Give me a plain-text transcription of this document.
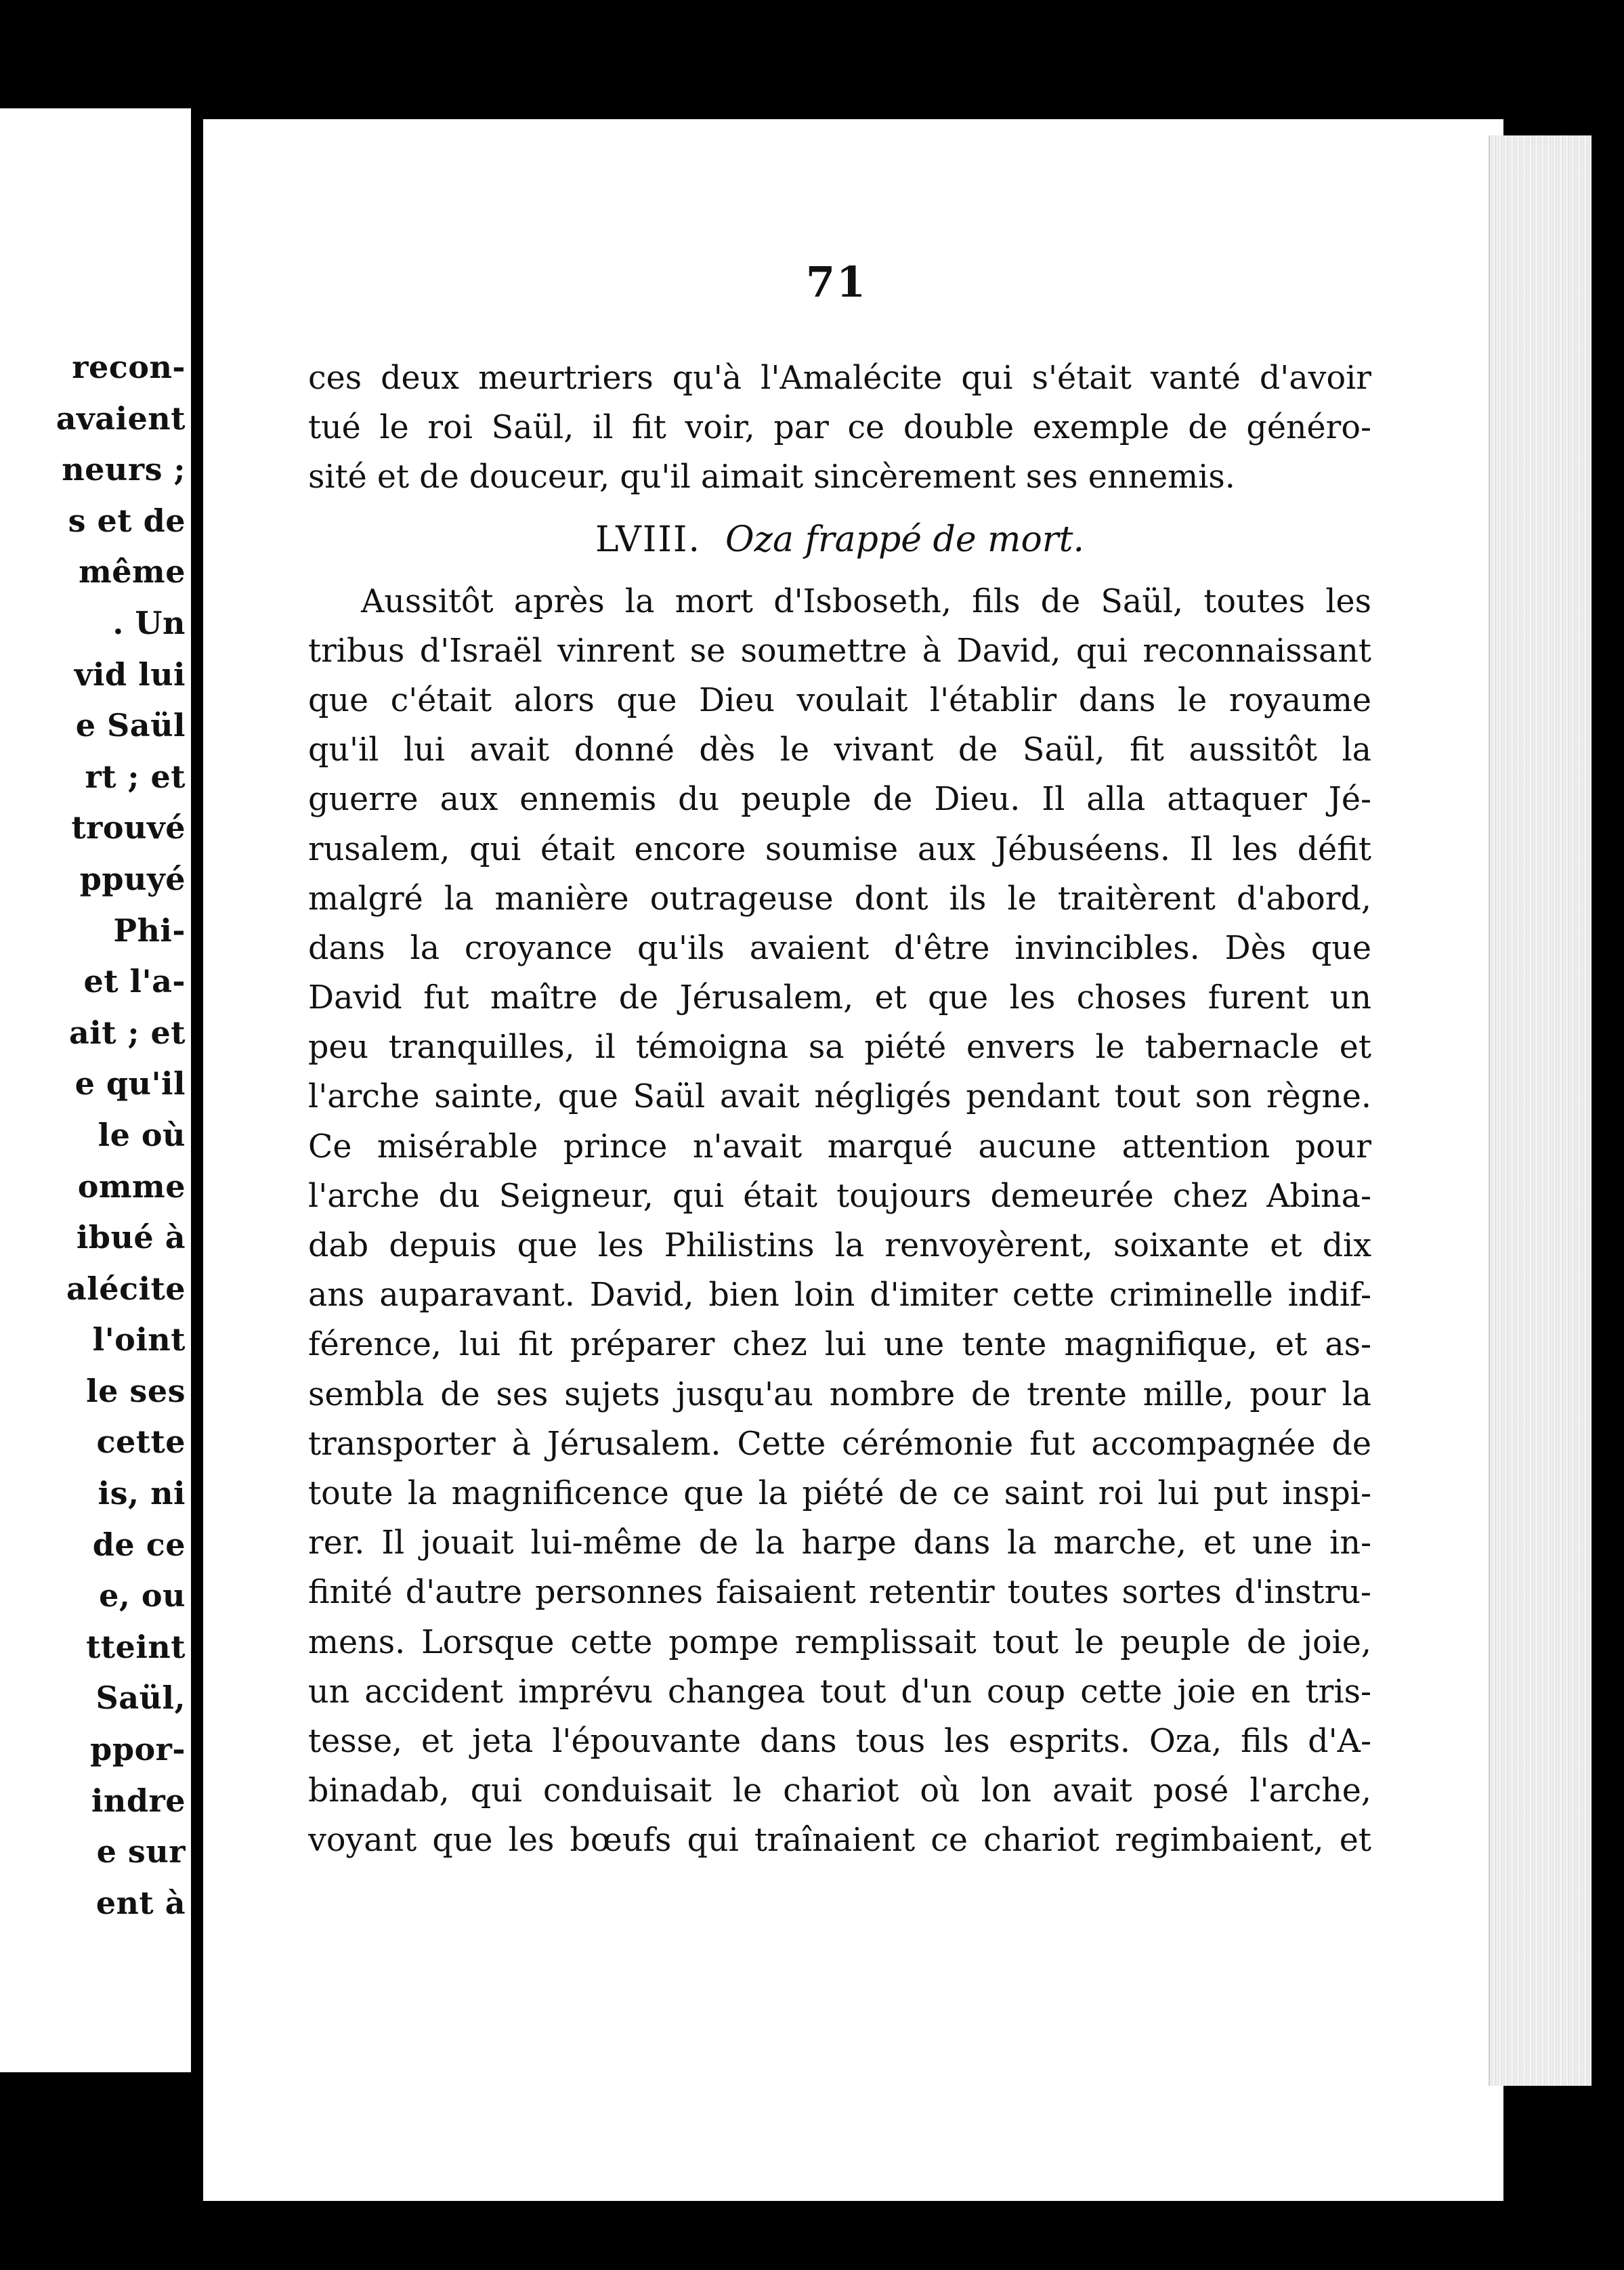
recon-
avaient
neurs ;
s et de
même
. Un
vid lui
e Saül
rt ; et
trouvé
ppuyé
Phi-
et l'a-
ait ; et
e qu'il
le où
omme
ibué à
alécite
l'oint
le ses
cette
is, ni
de ce
e, ou
tteint
Saül,
ppor-
indre
e sur
ent à
71
ces deux meurtriers qu'à l'Amalécite qui s'était vanté d'avoir
tué le roi Saül, il fit voir, par ce double exemple de généro-
sité et de douceur, qu'il aimait sincèrement ses ennemis.
LVIII. Oza frappé de mort.
Aussitôt après la mort d'Isboseth, fils de Saül, toutes les
tribus d'Israël vinrent se soumettre à David, qui reconnaissant
que c'était alors que Dieu voulait l'établir dans le royaume
qu'il lui avait donné dès le vivant de Saül, fit aussitôt la
guerre aux ennemis du peuple de Dieu. Il alla attaquer Jé-
rusalem, qui était encore soumise aux Jébuséens. Il les défit
malgré la manière outrageuse dont ils le traitèrent d'abord,
dans la croyance qu'ils avaient d'être invincibles. Dès que
David fut maître de Jérusalem, et que les choses furent un
peu tranquilles, il témoigna sa piété envers le tabernacle et
l'arche sainte, que Saül avait négligés pendant tout son règne.
Ce misérable prince n'avait marqué aucune attention pour
l'arche du Seigneur, qui était toujours demeurée chez Abina-
dab depuis que les Philistins la renvoyèrent, soixante et dix
ans auparavant. David, bien loin d'imiter cette criminelle indif-
férence, lui fit préparer chez lui une tente magnifique, et as-
sembla de ses sujets jusqu'au nombre de trente mille, pour la
transporter à Jérusalem. Cette cérémonie fut accompagnée de
toute la magnificence que la piété de ce saint roi lui put inspi-
rer. Il jouait lui-même de la harpe dans la marche, et une in-
finité d'autre personnes faisaient retentir toutes sortes d'instru-
mens. Lorsque cette pompe remplissait tout le peuple de joie,
un accident imprévu changea tout d'un coup cette joie en tris-
tesse, et jeta l'épouvante dans tous les esprits. Oza, fils d'A-
binadab, qui conduisait le chariot où lon avait posé l'arche,
voyant que les bœufs qui traînaient ce chariot regimbaient, et
